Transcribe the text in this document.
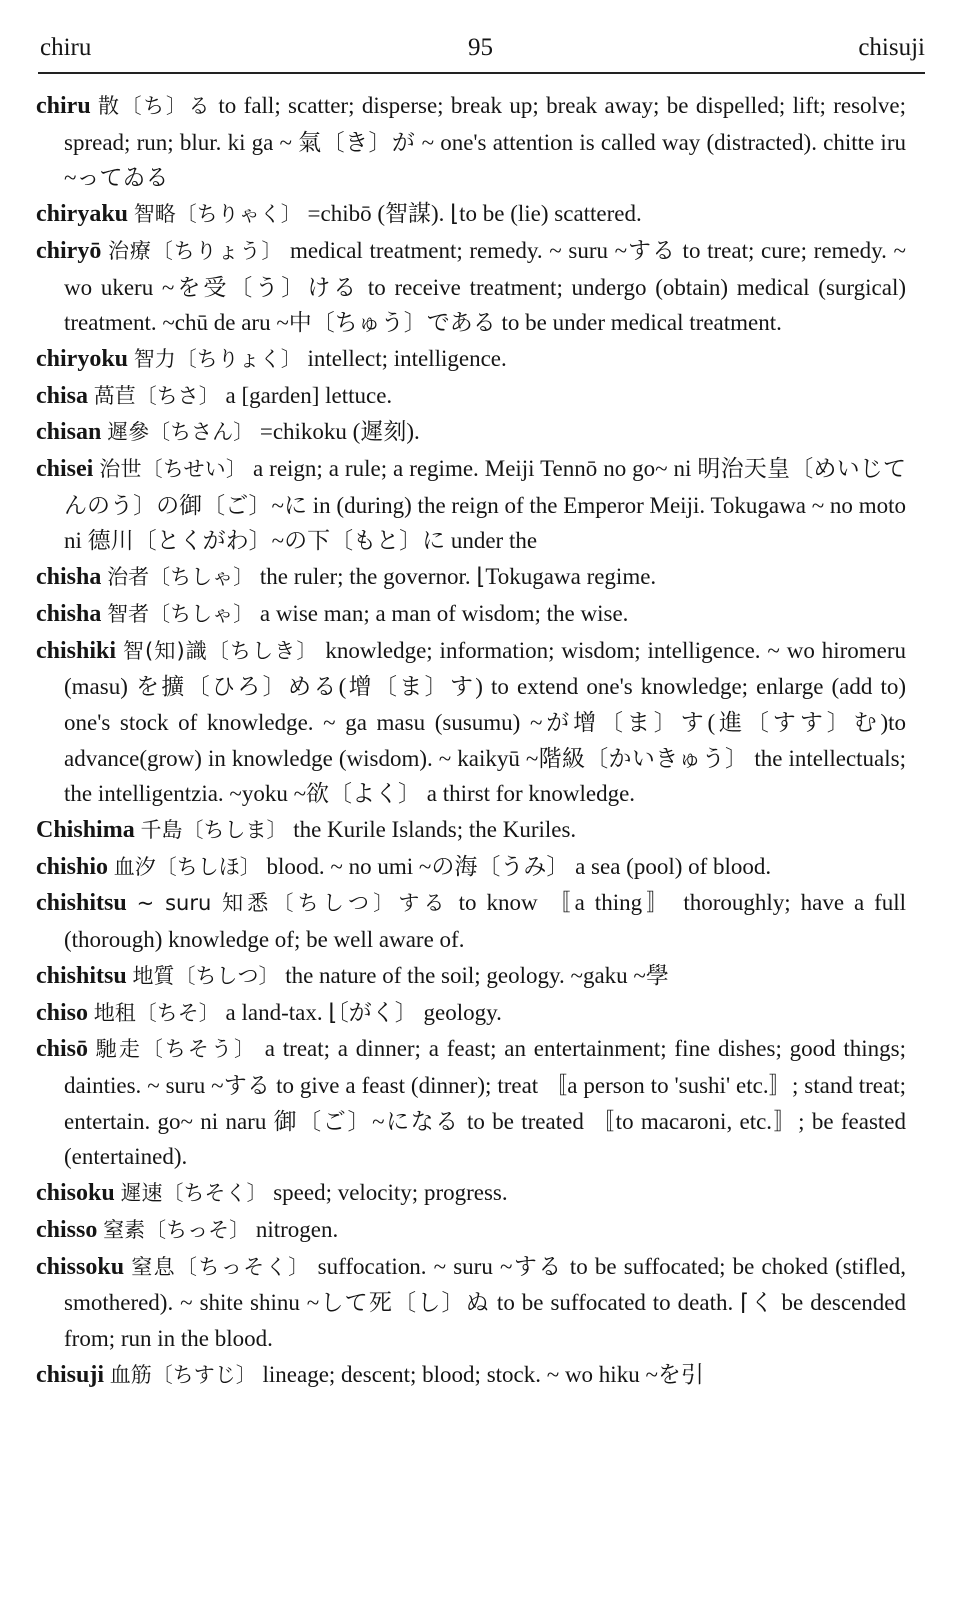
chiru	95	chisuji

chiru 散〔ち〕る to fall; scatter; disperse; break up; break away; be dispelled; lift; resolve; spread; run; blur. ki ga ~ 氣〔き〕が ~ one's attention is called way (distracted). chitte iru ~ってゐる

chiryaku 智略〔ちりゃく〕 =chibō (智謀). ⌊to be (lie) scattered.

chiryō 治療〔ちりょう〕 medical treatment; remedy. ~ suru ~する to treat; cure; remedy. ~ wo ukeru ~を受〔う〕ける to receive treatment; undergo (obtain) medical (surgical) treatment. ~chū de aru ~中〔ちゅう〕である to be under medical treatment.

chiryoku 智力〔ちりょく〕 intellect; intelligence.

chisa 萵苣〔ちさ〕 a [garden] lettuce.

chisan 遲參〔ちさん〕 =chikoku (遲刻).

chisei 治世〔ちせい〕 a reign; a rule; a regime. Meiji Tennō no go~ ni 明治天皇〔めいじてんのう〕の御〔ご〕~に in (during) the reign of the Emperor Meiji. Tokugawa ~ no moto ni 德川〔とくがわ〕~の下〔もと〕に under the

chisha 治者〔ちしゃ〕 the ruler; the governor. ⌊Tokugawa regime.

chisha 智者〔ちしゃ〕 a wise man; a man of wisdom; the wise.

chishiki 智(知)識〔ちしき〕 knowledge; information; wisdom; intelligence. ~ wo hiromeru (masu) を擴〔ひろ〕める(增〔ま〕す) to extend one's knowledge; enlarge (add to) one's stock of knowledge. ~ ga masu (susumu) ~が增〔ま〕す(進〔すす〕む)to advance(grow) in knowledge (wisdom). ~ kaikyū ~階級〔かいきゅう〕 the intellectuals; the intelligentzia. ~yoku ~欲〔よく〕 a thirst for knowledge.

Chishima 千島〔ちしま〕 the Kurile Islands; the Kuriles.

chishio 血汐〔ちしほ〕 blood. ~ no umi ~の海〔うみ〕 a sea (pool) of blood.

chishitsu ~ suru 知悉〔ちしつ〕する to know 〚a thing〛 thoroughly; have a full (thorough) knowledge of; be well aware of.

chishitsu 地質〔ちしつ〕 the nature of the soil; geology. ~gaku ~學

chiso 地租〔ちそ〕 a land-tax. ⌊〔がく〕 geology.

chisō 馳走〔ちそう〕 a treat; a dinner; a feast; an entertainment; fine dishes; good things; dainties. ~ suru ~する to give a feast (dinner); treat 〚a person to 'sushi' etc.〛; stand treat; entertain. go~ ni naru 御〔ご〕~になる to be treated 〚to macaroni, etc.〛; be feasted (entertained).

chisoku 遲速〔ちそく〕 speed; velocity; progress.

chisso 窒素〔ちっそ〕 nitrogen.

chissoku 窒息〔ちっそく〕 suffocation. ~ suru ~する to be suffocated; be choked (stifled, smothered). ~ shite shinu ~して死〔し〕ぬ to be suffocated to death. ⌈く be descended from; run in the blood.

chisuji 血筋〔ちすじ〕 lineage; descent; blood; stock. ~ wo hiku ~を引
